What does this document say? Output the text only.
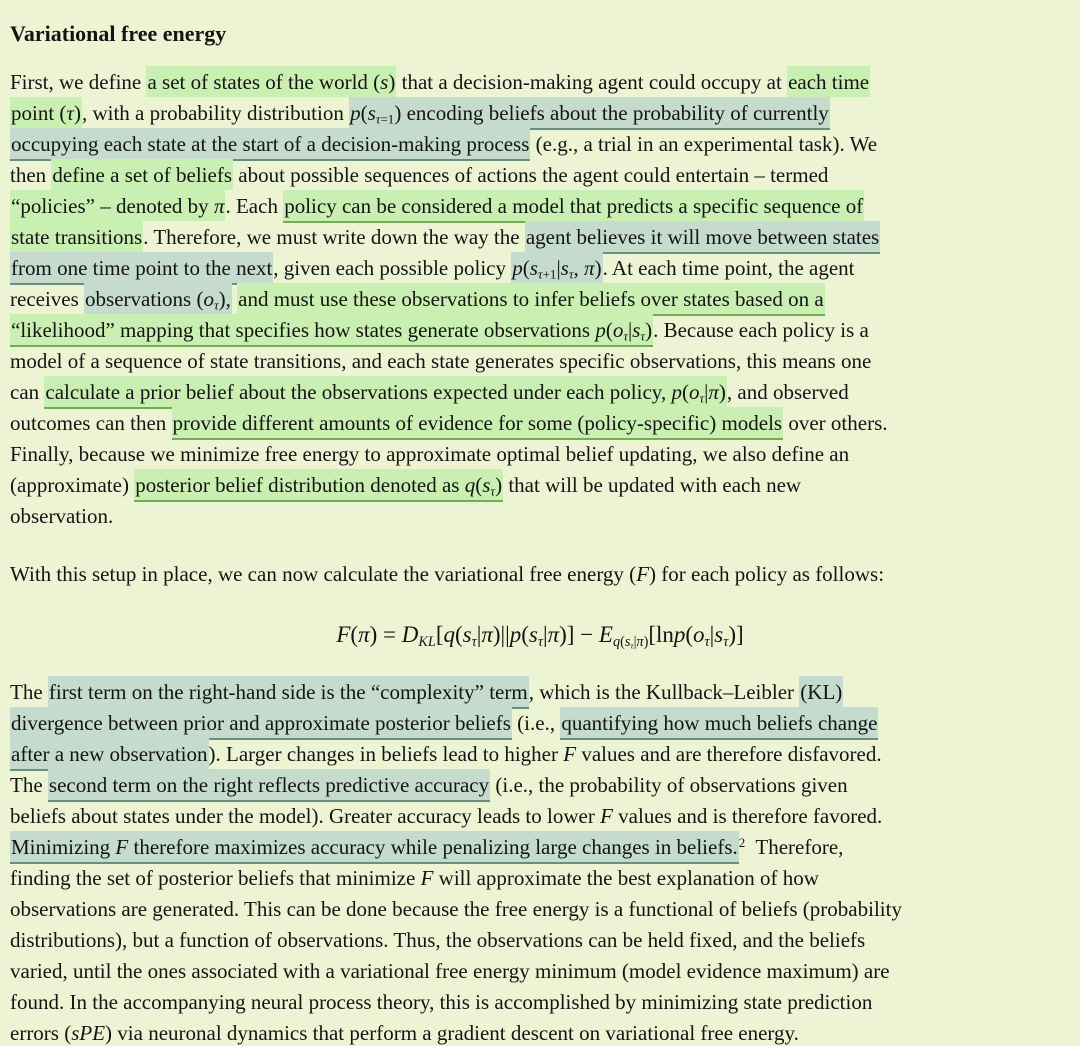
Variational free energy
First, we define a set of states of the world (s) that a decision-making agent could occupy at each time
point (τ), with a probability distribution $p(s_{\tau=1})$ encoding beliefs about the probability of currently
occupying each state at the start of a decision-making process (e.g., a trial in an experimental task). We
then define a set of beliefs about possible sequences of actions the agent could entertain – termed
“policies” – denoted by π. Each policy can be considered a model that predicts a specific sequence of
state transitions. Therefore, we must write down the way the agent believes it will move between states
from one time point to the next, given each possible policy $p(s_{\tau+1}|s_\tau$, π). At each time point, the agent
receives observations $(o_\tau)$, and must use these observations to infer beliefs over states based on a
“likelihood” mapping that specifies how states generate observations $p(o_\tau|s_\tau)$. Because each policy is a
model of a sequence of state transitions, and each state generates specific observations, this means one
can calculate a prior belief about the observations expected under each policy, $p(o_\tau|\pi)$, and observed
outcomes can then provide different amounts of evidence for some (policy-specific) models over others.
Finally, because we minimize free energy to approximate optimal belief updating, we also define an
(approximate) posterior belief distribution denoted as $q(s_\tau)$ that will be updated with each new
observation.
With this setup in place, we can now calculate the variational free energy (F) for each policy as follows:
$F(\pi) = D_{KL}[q(s_\tau|\pi)||p(s_\tau|\pi)] - E_{q(s_\tau|\pi)}[\ln p(o_\tau|s_\tau)]$
The first term on the right-hand side is the “complexity” term, which is the Kullback–Leibler (KL)
divergence between prior and approximate posterior beliefs (i.e., quantifying how much beliefs change
after a new observation). Larger changes in beliefs lead to higher F values and are therefore disfavored.
The second term on the right reflects predictive accuracy (i.e., the probability of observations given
beliefs about states under the model). Greater accuracy leads to lower F values and is therefore favored.
Minimizing F therefore maximizes accuracy while penalizing large changes in beliefs.$^2$  Therefore,
finding the set of posterior beliefs that minimize F will approximate the best explanation of how
observations are generated. This can be done because the free energy is a functional of beliefs (probability
distributions), but a function of observations. Thus, the observations can be held fixed, and the beliefs
varied, until the ones associated with a variational free energy minimum (model evidence maximum) are
found. In the accompanying neural process theory, this is accomplished by minimizing state prediction
errors (sPE) via neuronal dynamics that perform a gradient descent on variational free energy.
